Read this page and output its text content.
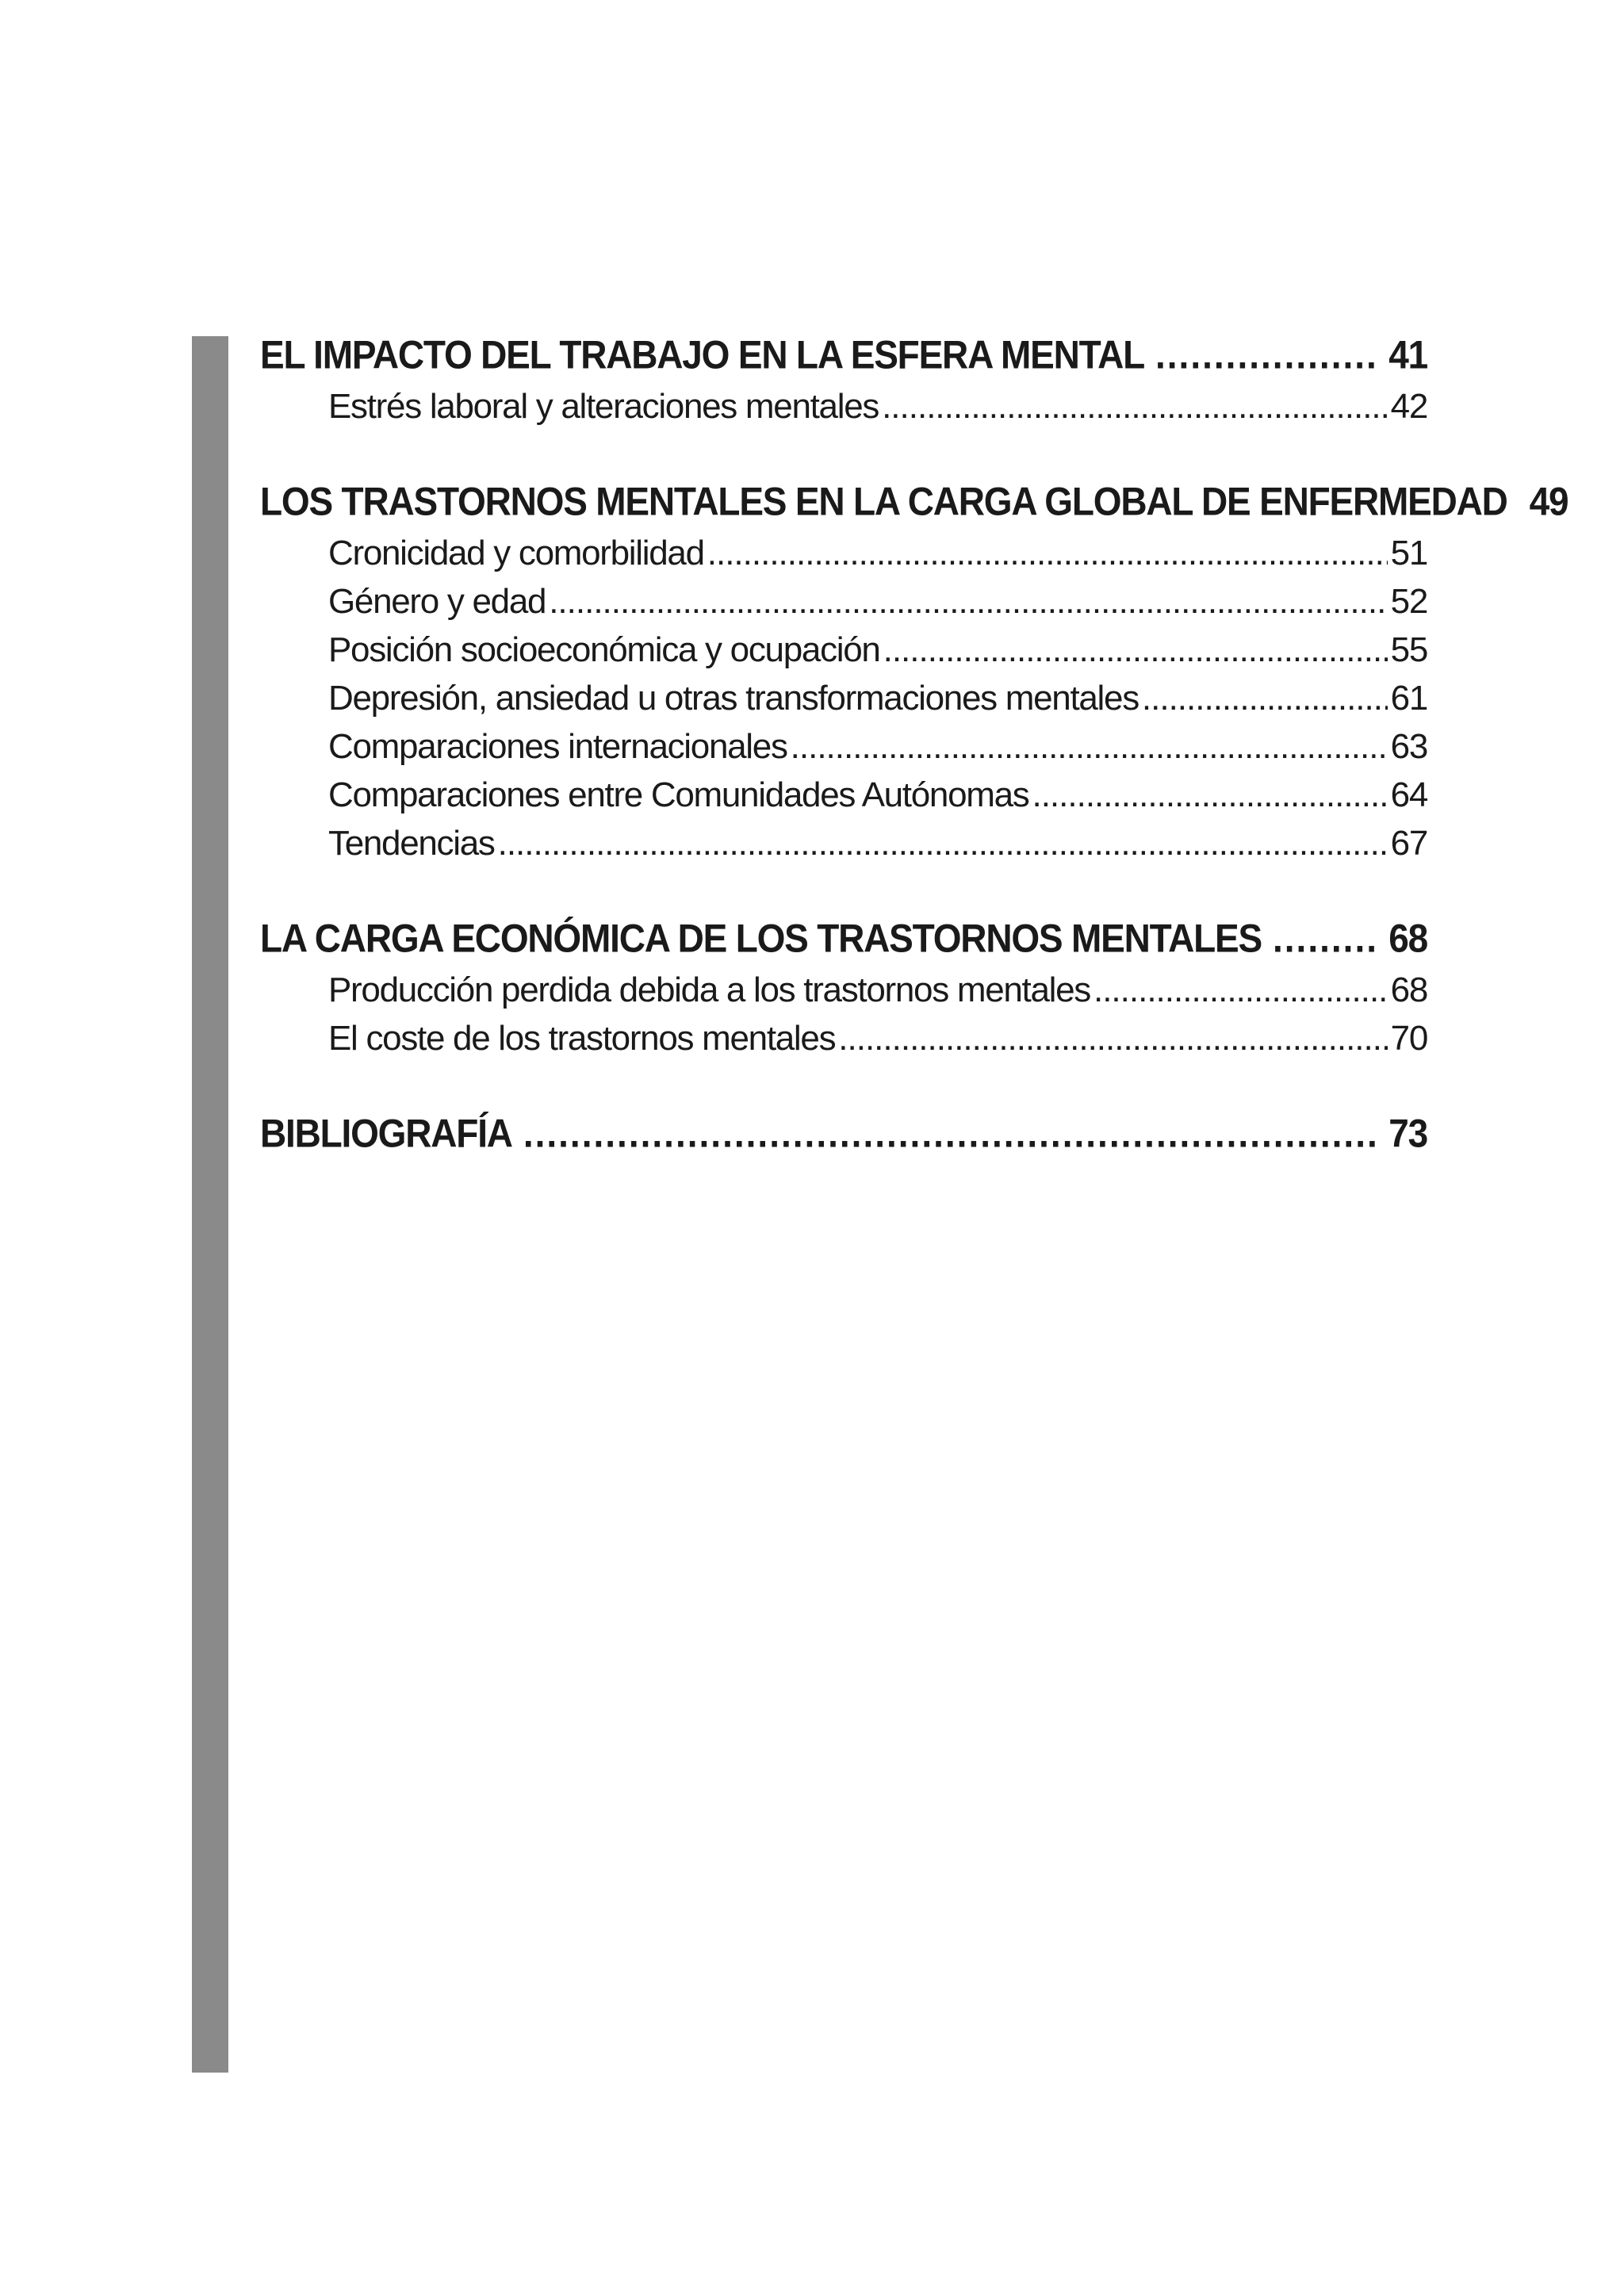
EL IMPACTO DEL TRABAJO EN LA ESFERA MENTAL .....	41
Estrés laboral y alteraciones mentales .....	42
LOS TRASTORNOS MENTALES EN LA CARGA GLOBAL DE ENFERMEDAD 49
Cronicidad y comorbilidad .....	51
Género y edad .....	52
Posición socioeconómica y ocupación .....	55
Depresión, ansiedad u otras transformaciones mentales .....	61
Comparaciones internacionales .....	63
Comparaciones entre Comunidades Autónomas .....	64
Tendencias .....	67
LA CARGA ECONÓMICA DE LOS TRASTORNOS MENTALES .....	68
Producción perdida debida a los trastornos mentales .....	68
El coste de los trastornos mentales .....	70
BIBLIOGRAFÍA .....	73
